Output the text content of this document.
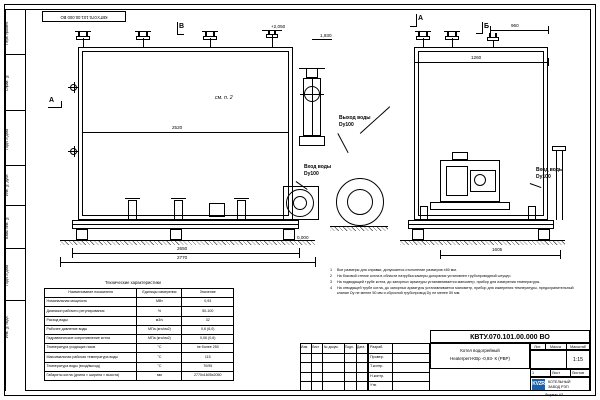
Перв. примен.
Справ. №
Подп. и дата
Инв. № дубл.
Взам. инв. №
Подп. и дата
Инв. № подл.
КВТУ.070.101.00.000 ВО
+2,050
1,930
2520
2650
2770
0,000
А
В
см. п. 2
Вход воды
Dy100
Выход воды
Dy100
960
1260
1605
А
Б
Вход воды
Dy100
Технические характеристики
Наименование показателя	Единицы измерения	Значение
Номинальная мощность	МВт	0,93
Диапазон рабочего регулирования	%	50-100
Расход воды	м3/ч	32
Рабочее давление воды	МПа (кгс/см2)	0,6 (6,0)
Гидравлическое сопротивление котла	МПа (кгс/см2)	0,06 (0,6)
Температура уходящих газов	°С	не более 250
Максимальная рабочая температура воды	°С	115
Температура воды (вход/выход)	°С	70/95
Габариты котла (длина × ширина × высота)	мм	2770х1605х2050
1	Все размеры для справки, допускается отклонение размеров ±80 мм.
2	На боковой стенке котла в области патрубка камеры догорания установлен трубопроводный штуцер.
3	На подводящей трубе котла, до запорных арматуры устанавливается манометр, прибор для измерения температуры.
4	На отводящей трубе котла, до запорных арматуры устанавливается манометр, прибор для измерения температуры, предохранительный клапан Dy не менее 50 мм и сбросной трубопровод Dy не менее 50 мм.
КВТУ.070.101.00.000 ВО
Котел водогрейный
Heaterpert-KВр -0,93- К (РВР)
Лит.	Масса	Масштаб
1:15
1	Лист	Листов
KVZR КОТЕЛЬНЫЙ
ЗАВОД РЭП
Разраб.
Провер.
Т.контр.
Н.контр.
Утв.
Изм. Лист № докум. Подп. Дата
Формат А3
